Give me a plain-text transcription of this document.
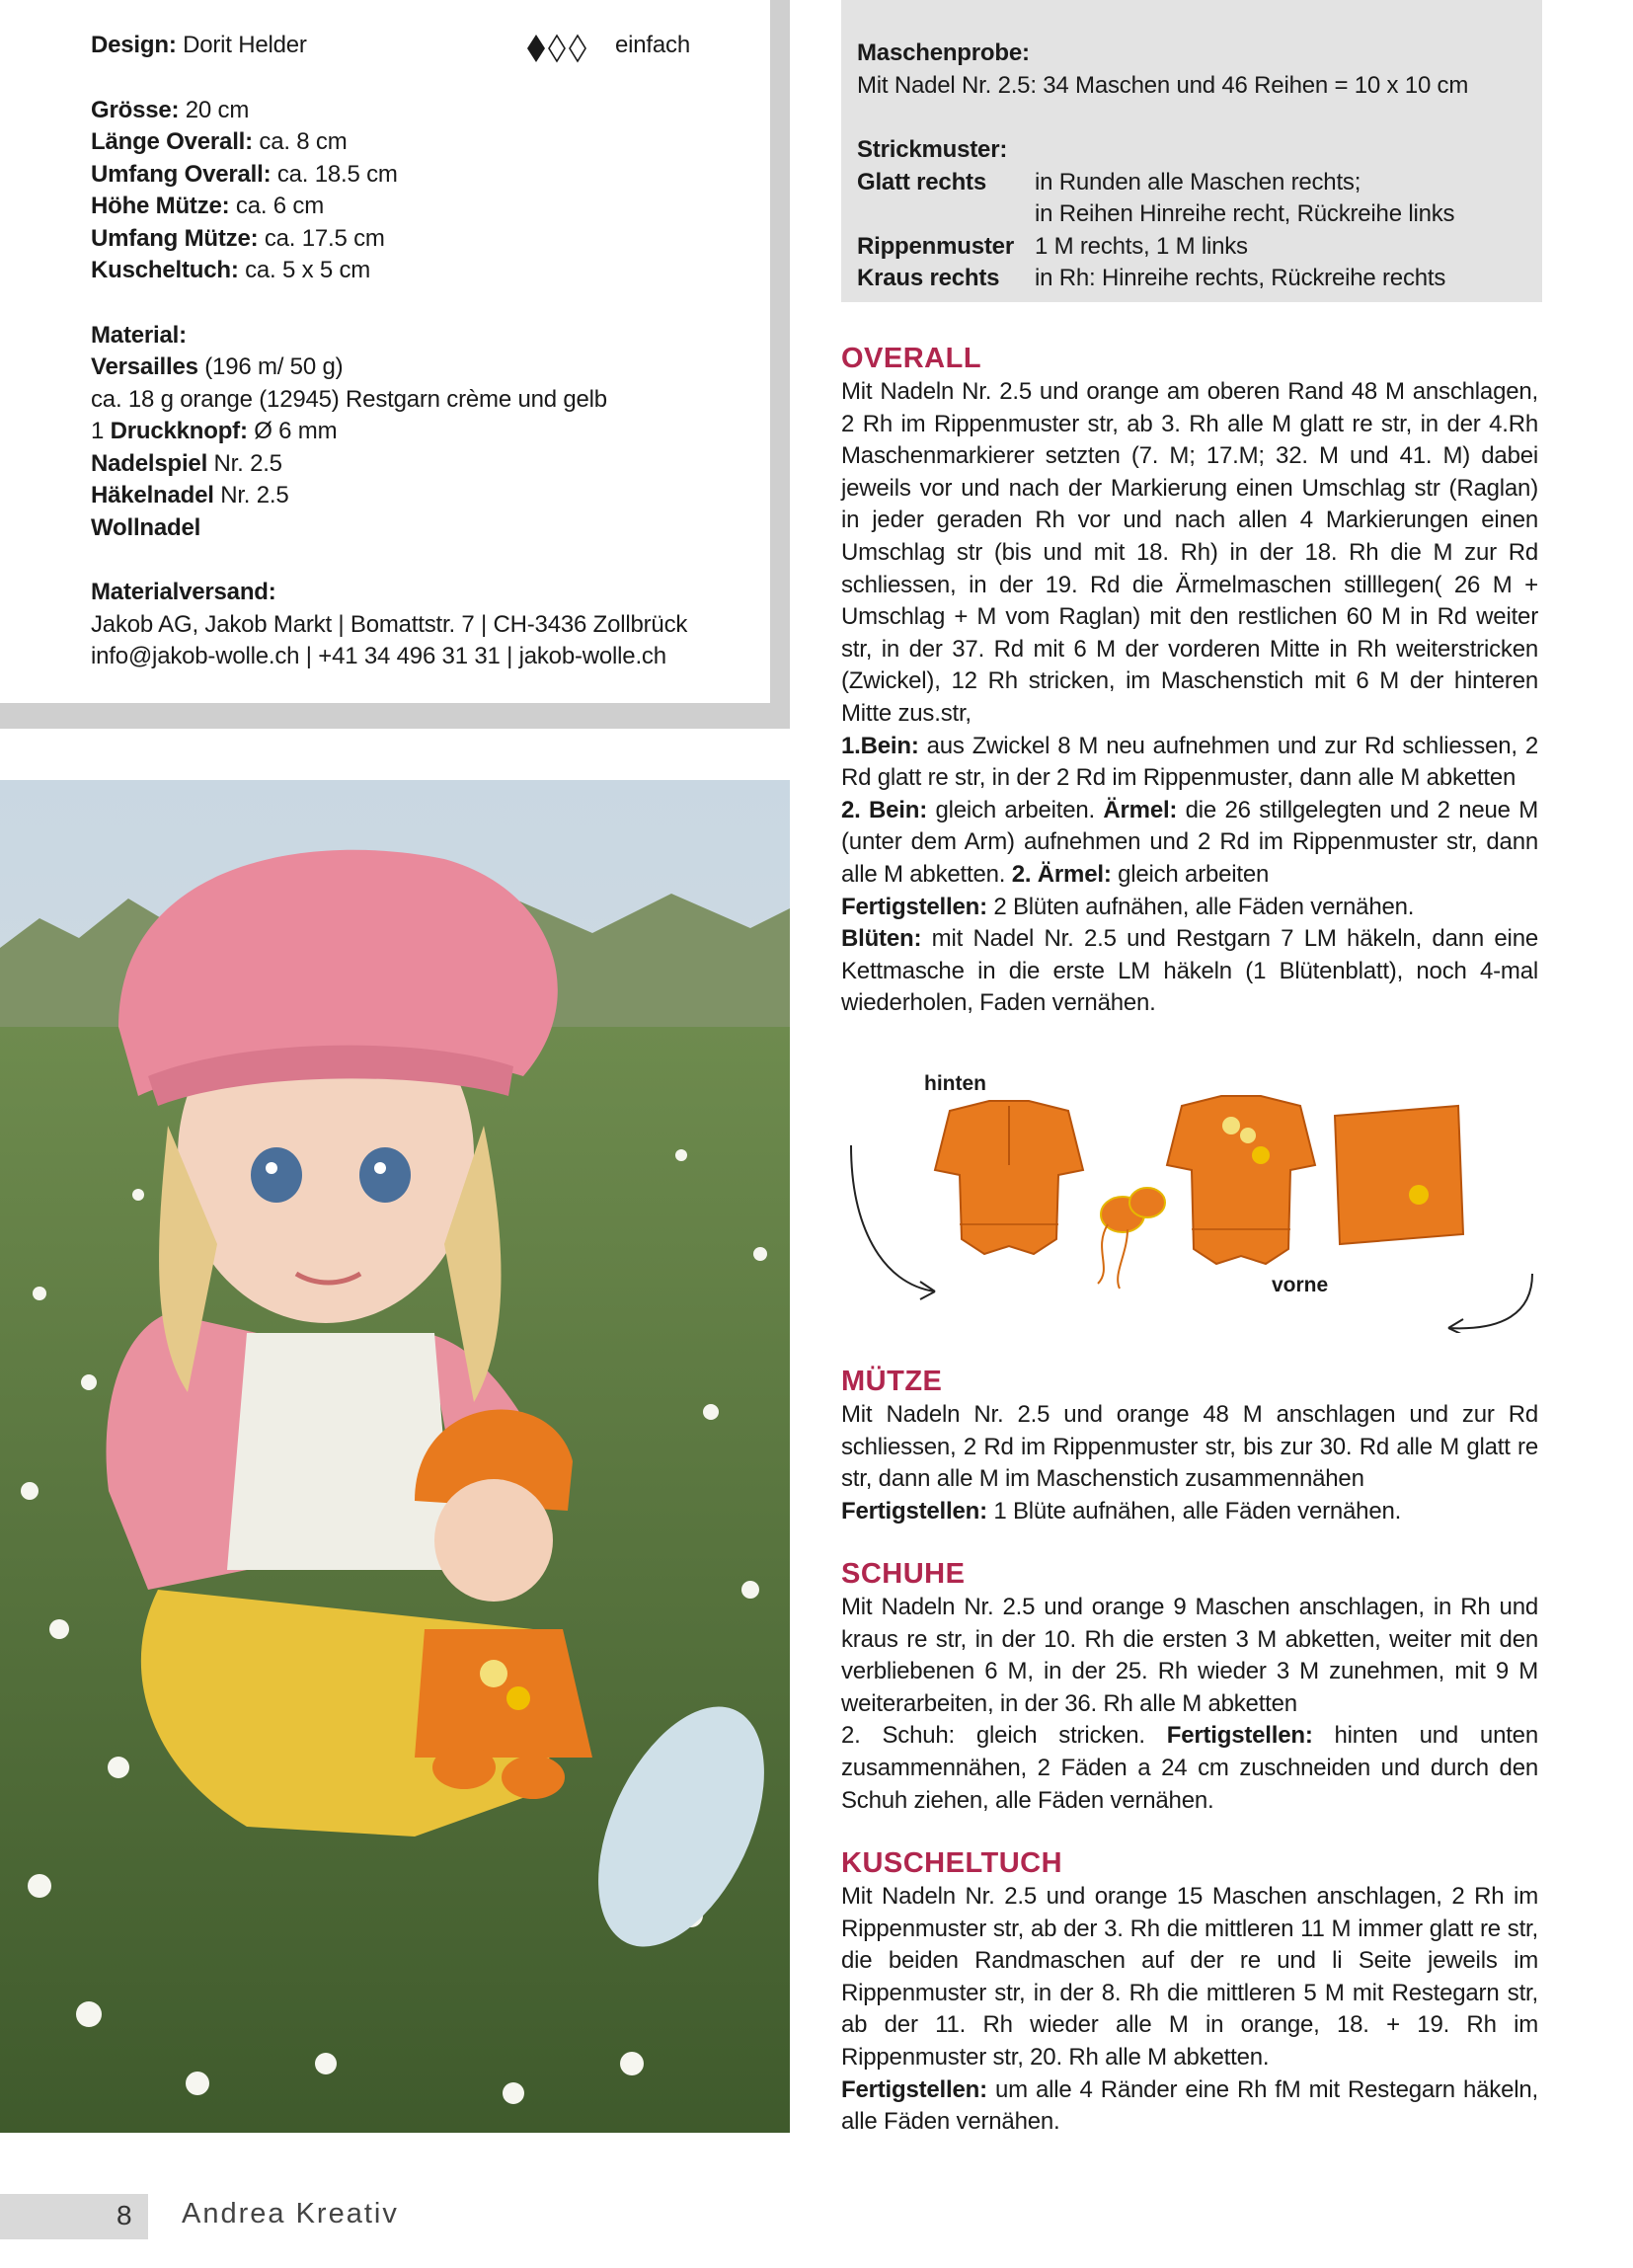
Design: Dorit Helder
Grösse: 20 cm
Länge Overall: ca. 8 cm
Umfang Overall: ca. 18.5 cm
Höhe Mütze: ca. 6 cm
Umfang Mütze: ca. 17.5 cm
Kuscheltuch: ca. 5 x 5 cm
Material:
Versailles (196 m/ 50 g)
ca. 18 g orange (12945) Restgarn crème und gelb
1 Druckknopf: Ø 6 mm
Nadelspiel Nr. 2.5
Häkelnadel Nr. 2.5
Wollnadel
Materialversand:
Jakob AG, Jakob Markt | Bomattstr. 7 | CH-3436 Zollbrück
info@jakob-wolle.ch | +41 34 496 31 31 | jakob-wolle.ch
einfach	Maschenprobe:
Mit Nadel Nr. 2.5: 34 Maschen und 46 Reihen = 10 x 10 cm
Strickmuster:
Glatt rechts	in Runden alle Maschen rechts;
in Reihen Hinreihe recht, Rückreihe links
Rippenmuster 1 M rechts, 1 M links
Kraus rechts	in Rh: Hinreihe rechts, Rückreihe rechts
OVERALL
Mit Nadeln Nr. 2.5 und orange am oberen Rand 48 M anschlagen, 2 Rh im Rippenmuster str, ab 3. Rh alle M glatt re str, in der 4.Rh Maschenmarkierer setzten (7. M; 17.M; 32. M und 41. M) dabei jeweils vor und nach der Markierung einen Umschlag str (Raglan) in jeder geraden Rh vor und nach allen 4 Markierungen einen Umschlag str (bis und mit 18. Rh) in der 18. Rh die M zur Rd schliessen, in der 19. Rd die Ärmelmaschen stilllegen( 26 M + Umschlag + M vom Raglan) mit den restlichen 60 M in Rd weiter str, in der 37. Rd mit 6 M der vorderen Mitte in Rh weiterstricken (Zwickel), 12 Rh stricken, im Maschenstich mit 6 M der hinteren Mitte zus.str,
1.Bein: aus Zwickel 8 M neu aufnehmen und zur Rd schliessen, 2 Rd glatt re str, in der 2 Rd im Rippenmuster, dann alle M abketten
2. Bein: gleich arbeiten. Ärmel: die 26 stillgelegten und 2 neue M (unter dem Arm) aufnehmen und 2 Rd im Rippenmuster str, dann alle M abketten. 2. Ärmel: gleich arbeiten
Fertigstellen: 2 Blüten aufnähen, alle Fäden vernähen.
Blüten: mit Nadel Nr. 2.5 und Restgarn 7 LM häkeln, dann eine Kettmasche in die erste LM häkeln (1 Blütenblatt), noch 4-mal wiederholen, Faden vernähen.
hinten
vorne
MÜTZE
Mit Nadeln Nr. 2.5 und orange 48 M anschlagen und zur Rd schliessen, 2 Rd im Rippenmuster str, bis zur 30. Rd alle M glatt re str, dann alle M im Maschenstich zusammennähen
Fertigstellen: 1 Blüte aufnähen, alle Fäden vernähen.
SCHUHE
Mit Nadeln Nr. 2.5 und orange 9 Maschen anschlagen, in Rh und kraus re str, in der 10. Rh die ersten 3 M abketten, weiter mit den verbliebenen 6 M, in der 25. Rh wieder 3 M zunehmen, mit 9 M weiterarbeiten, in der 36. Rh alle M abketten
2. Schuh: gleich stricken. Fertigstellen: hinten und unten zusammennähen, 2 Fäden a 24 cm zuschneiden und durch den Schuh ziehen, alle Fäden vernähen.
KUSCHELTUCH
Mit Nadeln Nr. 2.5 und orange 15 Maschen anschlagen, 2 Rh im Rippenmuster str, ab der 3. Rh die mittleren 11 M immer glatt re str, die beiden Randmaschen auf der re und li Seite jeweils im Rippenmuster str, in der 8. Rh die mittleren 5 M mit Restegarn str, ab der 11. Rh wieder alle M in orange, 18. + 19. Rh im Rippenmuster str, 20. Rh alle M abketten.
Fertigstellen: um alle 4 Ränder eine Rh fM mit Restegarn häkeln, alle Fäden vernähen.
8 Andrea Kreativ
